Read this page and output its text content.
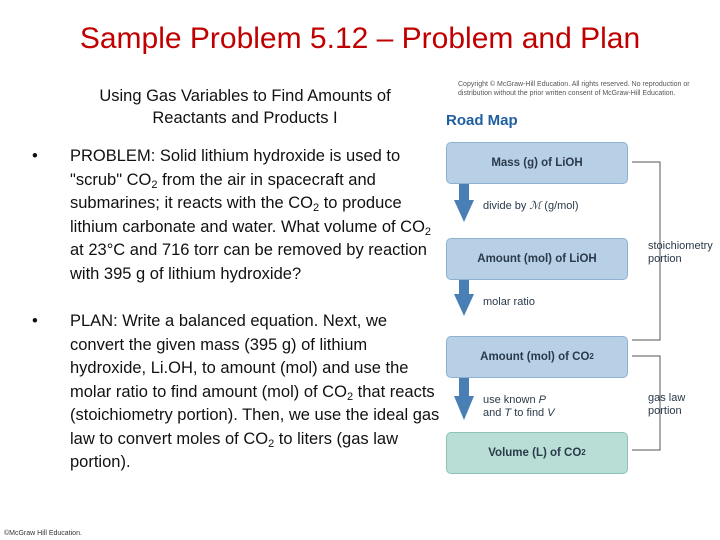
Sample Problem 5.12 – Problem and Plan
Using Gas Variables to Find Amounts of Reactants and Products I
• PROBLEM: Solid lithium hydroxide is used to "scrub" $CO_2$ from the air in spacecraft and submarines; it reacts with the $CO_2$ to produce lithium carbonate and water. What volume of $CO_2$ at 23°C and 716 torr can be removed by reaction with 395 g of lithium hydroxide?
• PLAN: Write a balanced equation. Next, we convert the given mass (395 g) of lithium hydroxide, Li.OH, to amount (mol) and use the molar ratio to find amount (mol) of $CO_2$ that reacts (stoichiometry portion). Then, we use the ideal gas law to convert moles of $CO_2$ to liters (gas law portion).
©McGraw Hill Education.
Copyright © McGraw-Hill Education. All rights reserved. No reproduction or distribution without the prior written consent of McGraw-Hill Education.
Road Map
Mass (g) of LiOH
divide by ℳ (g/mol)
Amount (mol) of LiOH
molar ratio
Amount (mol) of CO 2
use known P
and T to find V
Volume (L) of CO 2
stoichiometry
portion
gas law
portion
